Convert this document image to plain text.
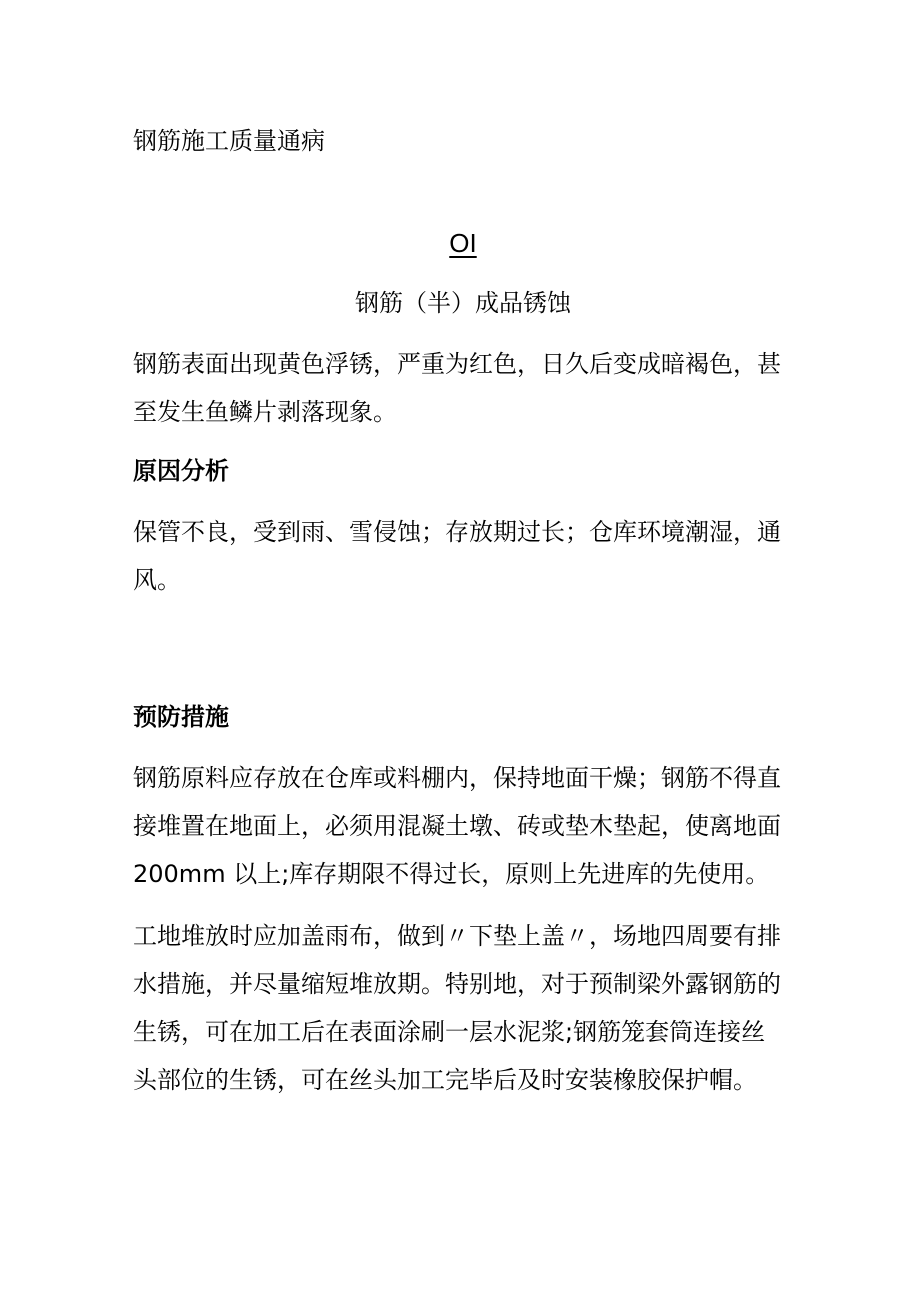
钢筋施工质量通病
OI
钢筋（半）成品锈蚀

钢筋表面出现黄色浮锈，严重为红色，日久后变成暗褐色，甚
至发生鱼鳞片剥落现象。

原因分析

保管不良，受到雨、雪侵蚀；存放期过长；仓库环境潮湿，通
风。

预防措施

钢筋原料应存放在仓库或料棚内，保持地面干燥；钢筋不得直
接堆置在地面上，必须用混凝土墩、砖或垫木垫起，使离地面
200mm 以上;库存期限不得过长，原则上先进库的先使用。

工地堆放时应加盖雨布，做到〃下垫上盖〃，场地四周要有排
水措施，并尽量缩短堆放期。特别地，对于预制梁外露钢筋的
生锈，可在加工后在表面涂刷一层水泥浆;钢筋笼套筒连接丝
头部位的生锈，可在丝头加工完毕后及时安装橡胶保护帽。
